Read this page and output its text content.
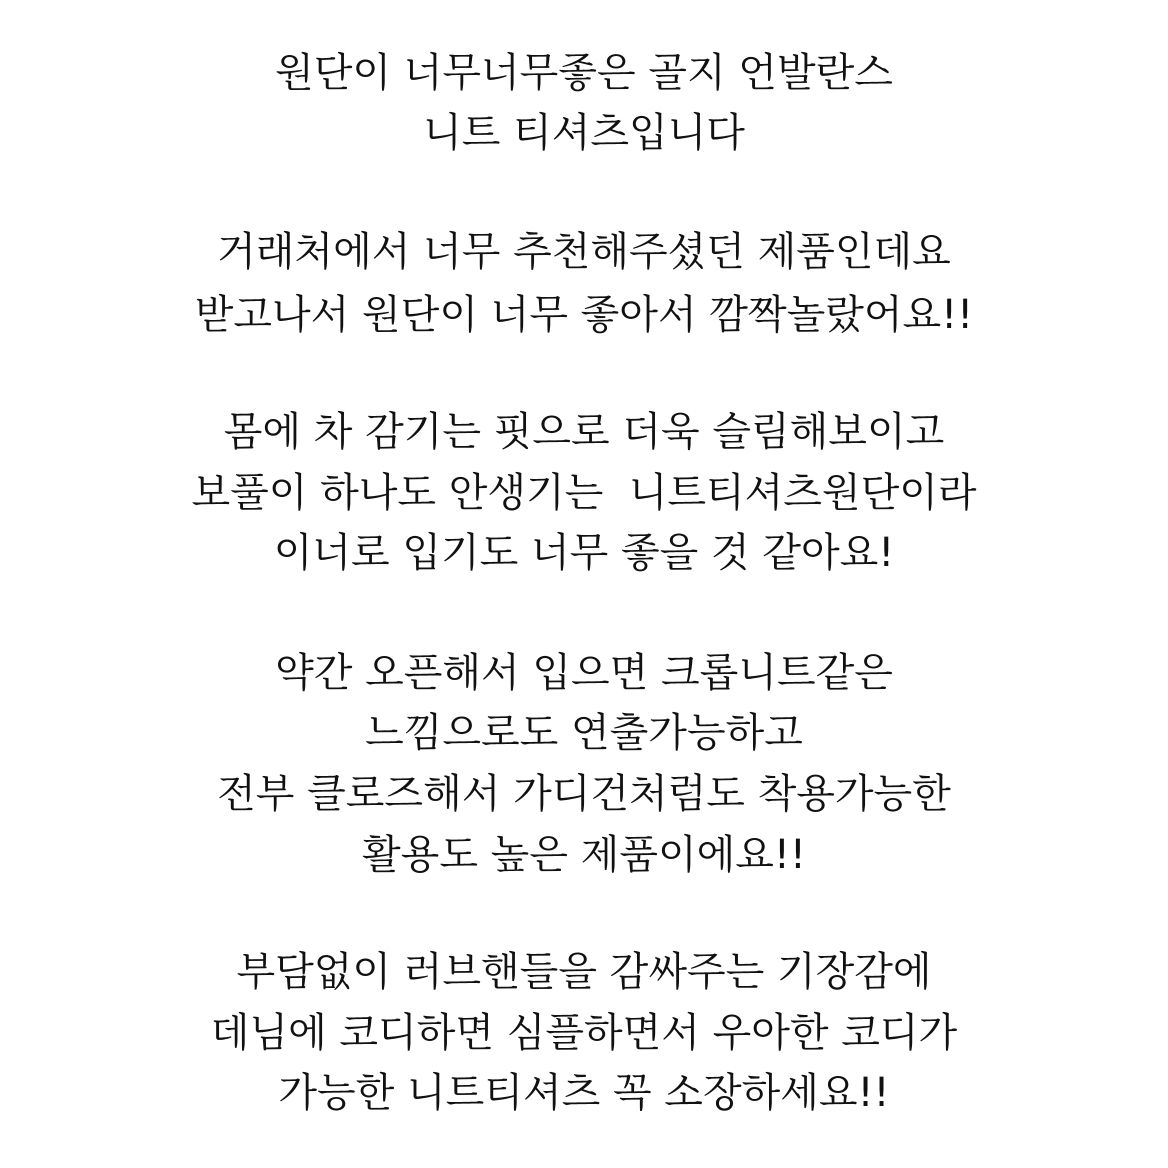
원단이 너무너무좋은 골지 언발란스
니트 티셔츠입니다
거래처에서 너무 추천해주셨던 제품인데요
받고나서 원단이 너무 좋아서 깜짝놀랐어요!!
몸에 차 감기는 핏으로 더욱 슬림해보이고
보풀이 하나도 안생기는  니트티셔츠원단이라
이너로 입기도 너무 좋을 것 같아요!
약간 오픈해서 입으면 크롭니트같은
느낌으로도 연출가능하고
전부 클로즈해서 가디건처럼도 착용가능한
활용도 높은 제품이에요!!
부담없이 러브핸들을 감싸주는 기장감에
데님에 코디하면 심플하면서 우아한 코디가
가능한 니트티셔츠 꼭 소장하세요!!
